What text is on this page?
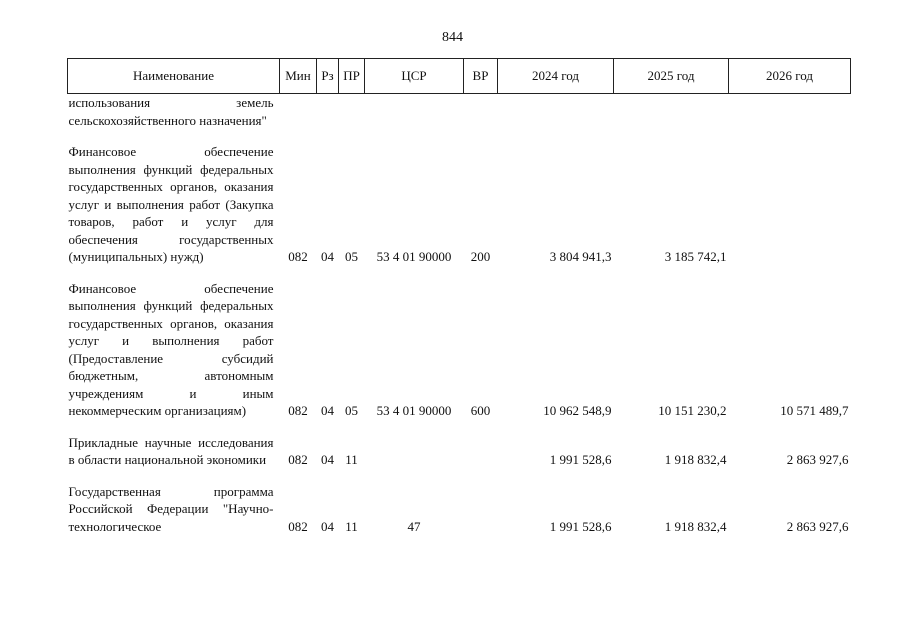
844
Наименование	Мин	Рз	ПР	ЦСР	ВР	2024 год	2025 год	2026 год
использования земель сельскохозяйственного назначения"								

Финансовое обеспечение выполнения функций федеральных государственных органов, оказания услуг и выполнения работ (Закупка товаров, работ и услуг для обеспечения государственных (муниципальных) нужд)	082	04	05	53 4 01 90000	200	3 804 941,3	3 185 742,1	

Финансовое обеспечение выполнения функций федеральных государственных органов, оказания услуг и выполнения работ (Предоставление субсидий бюджетным, автономным учреждениям и иным некоммерческим организациям)	082	04	05	53 4 01 90000	600	10 962 548,9	10 151 230,2	10 571 489,7

Прикладные научные исследования в области национальной экономики	082	04	11			1 991 528,6	1 918 832,4	2 863 927,6

Государственная программа Российской Федерации "Научно-технологическое	082	04	11	47		1 991 528,6	1 918 832,4	2 863 927,6
